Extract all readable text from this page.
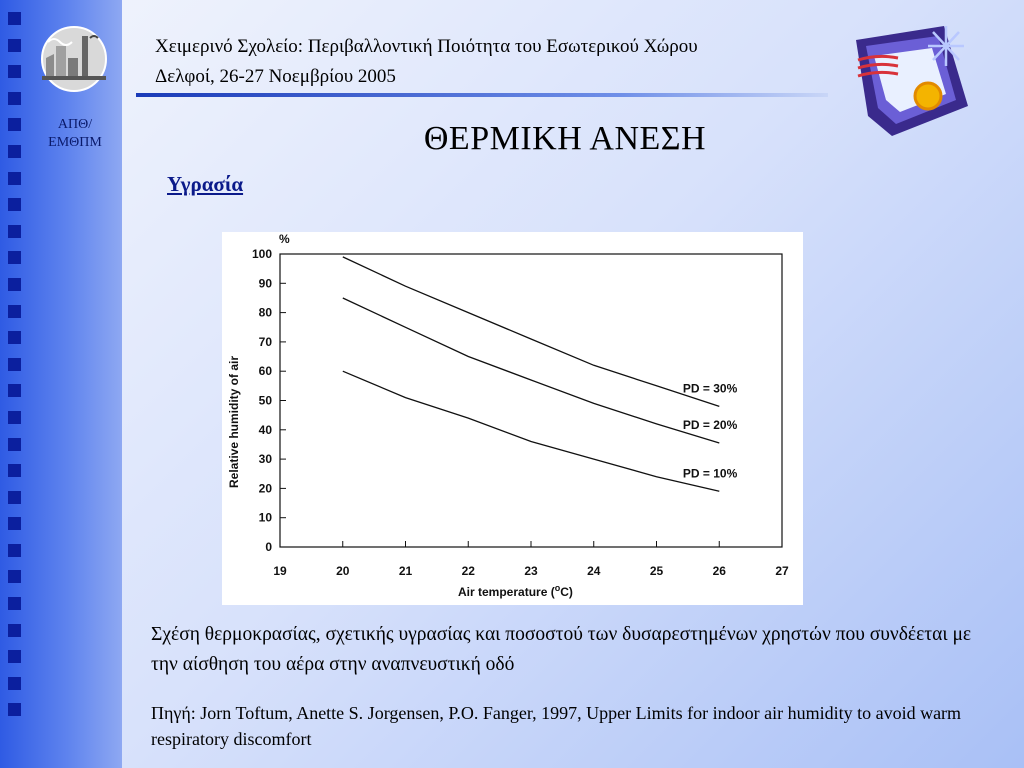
ΑΠΘ/
ΕΜΘΠΜ
Χειμερινό Σχολείο: Περιβαλλοντική Ποιότητα του Εσωτερικού Χώρου
Δελφοί, 26-27 Νοεμβρίου 2005
ΘΕΡΜΙΚΗ ΑΝΕΣΗ
Υγρασία
%
Relative humidity of air
Air temperature ($^o$C)
0
10
20
30
40
50
60
70
80
90
100
19	20	21	22	23	24	25	26	27
PD = 30%
PD = 20%
PD = 10%
Σχέση θερμοκρασίας, σχετικής υγρασίας και ποσοστού των δυσαρεστημένων χρηστών που συνδέεται με την αίσθηση του αέρα στην αναπνευστική οδό
Πηγή: Jorn Toftum, Anette S. Jorgensen, P.O. Fanger, 1997, Upper Limits for indoor air humidity to avoid warm respiratory discomfort
